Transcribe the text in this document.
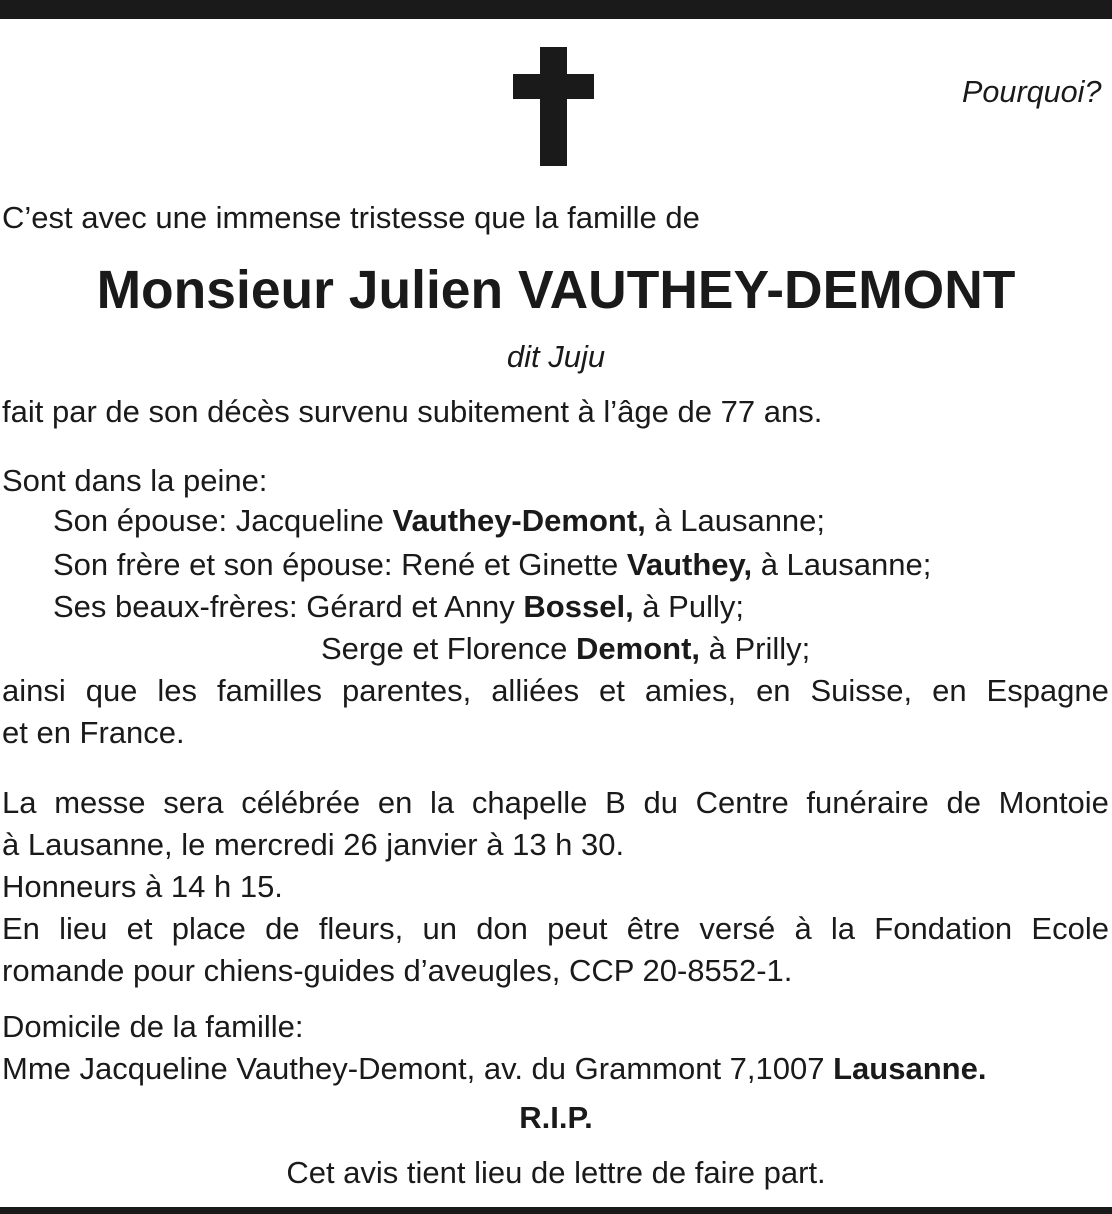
Pourquoi?
C’est avec une immense tristesse que la famille de
Monsieur Julien VAUTHEY-DEMONT
dit Juju
fait par de son décès survenu subitement à l’âge de 77 ans.
Sont dans la peine:
Son épouse: Jacqueline Vauthey-Demont, à Lausanne;
Son frère et son épouse: René et Ginette Vauthey, à Lausanne;
Ses beaux-frères: Gérard et Anny Bossel, à Pully;
Serge et Florence Demont, à Prilly;
ainsi que les familles parentes, alliées et amies, en Suisse, en Espagne
et en France.
La messe sera célébrée en la chapelle B du Centre funéraire de Montoie
à Lausanne, le mercredi 26 janvier à 13 h 30.
Honneurs à 14 h 15.
En lieu et place de fleurs, un don peut être versé à la Fondation Ecole
romande pour chiens-guides d’aveugles, CCP 20-8552-1.
Domicile de la famille:
Mme Jacqueline Vauthey-Demont, av. du Grammont 7,1007 Lausanne.
R.I.P.
Cet avis tient lieu de lettre de faire part.
